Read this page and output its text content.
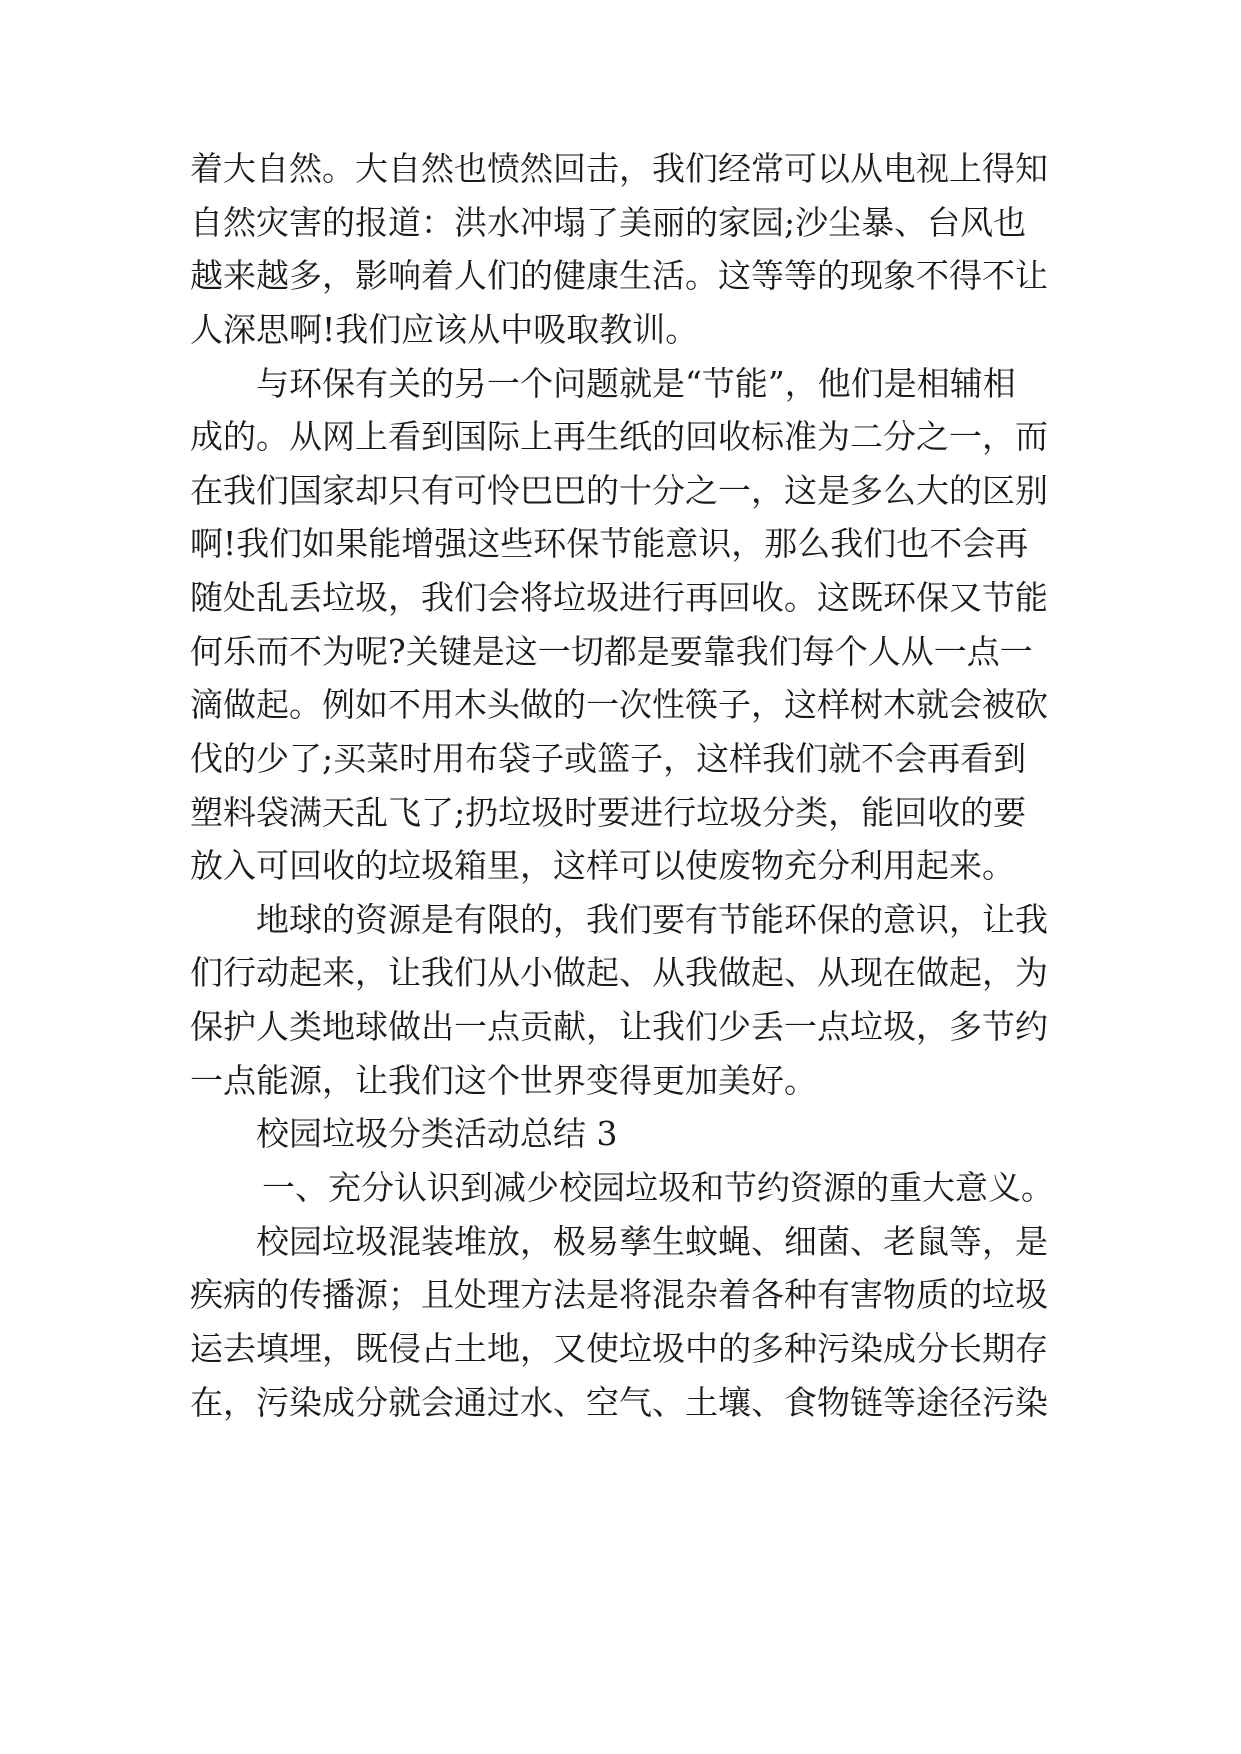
着大自然。大自然也愤然回击，我们经常可以从电视上得知

自然灾害的报道：洪水冲塌了美丽的家园;沙尘暴、台风也

越来越多，影响着人们的健康生活。这等等的现象不得不让

人深思啊!我们应该从中吸取教训。

与环保有关的另一个问题就是“节能”，他们是相辅相

成的。从网上看到国际上再生纸的回收标准为二分之一，而

在我们国家却只有可怜巴巴的十分之一，这是多么大的区别

啊!我们如果能增强这些环保节能意识，那么我们也不会再

随处乱丢垃圾，我们会将垃圾进行再回收。这既环保又节能

何乐而不为呢?关键是这一切都是要靠我们每个人从一点一

滴做起。例如不用木头做的一次性筷子，这样树木就会被砍

伐的少了;买菜时用布袋子或篮子，这样我们就不会再看到

塑料袋满天乱飞了;扔垃圾时要进行垃圾分类，能回收的要

放入可回收的垃圾箱里，这样可以使废物充分利用起来。

地球的资源是有限的，我们要有节能环保的意识，让我

们行动起来，让我们从小做起、从我做起、从现在做起，为

保护人类地球做出一点贡献，让我们少丢一点垃圾，多节约

一点能源，让我们这个世界变得更加美好。

校园垃圾分类活动总结 3

一、充分认识到减少校园垃圾和节约资源的重大意义。

校园垃圾混装堆放，极易孳生蚊蝇、细菌、老鼠等，是

疾病的传播源；且处理方法是将混杂着各种有害物质的垃圾

运去填埋，既侵占土地，又使垃圾中的多种污染成分长期存

在，污染成分就会通过水、空气、土壤、食物链等途径污染
